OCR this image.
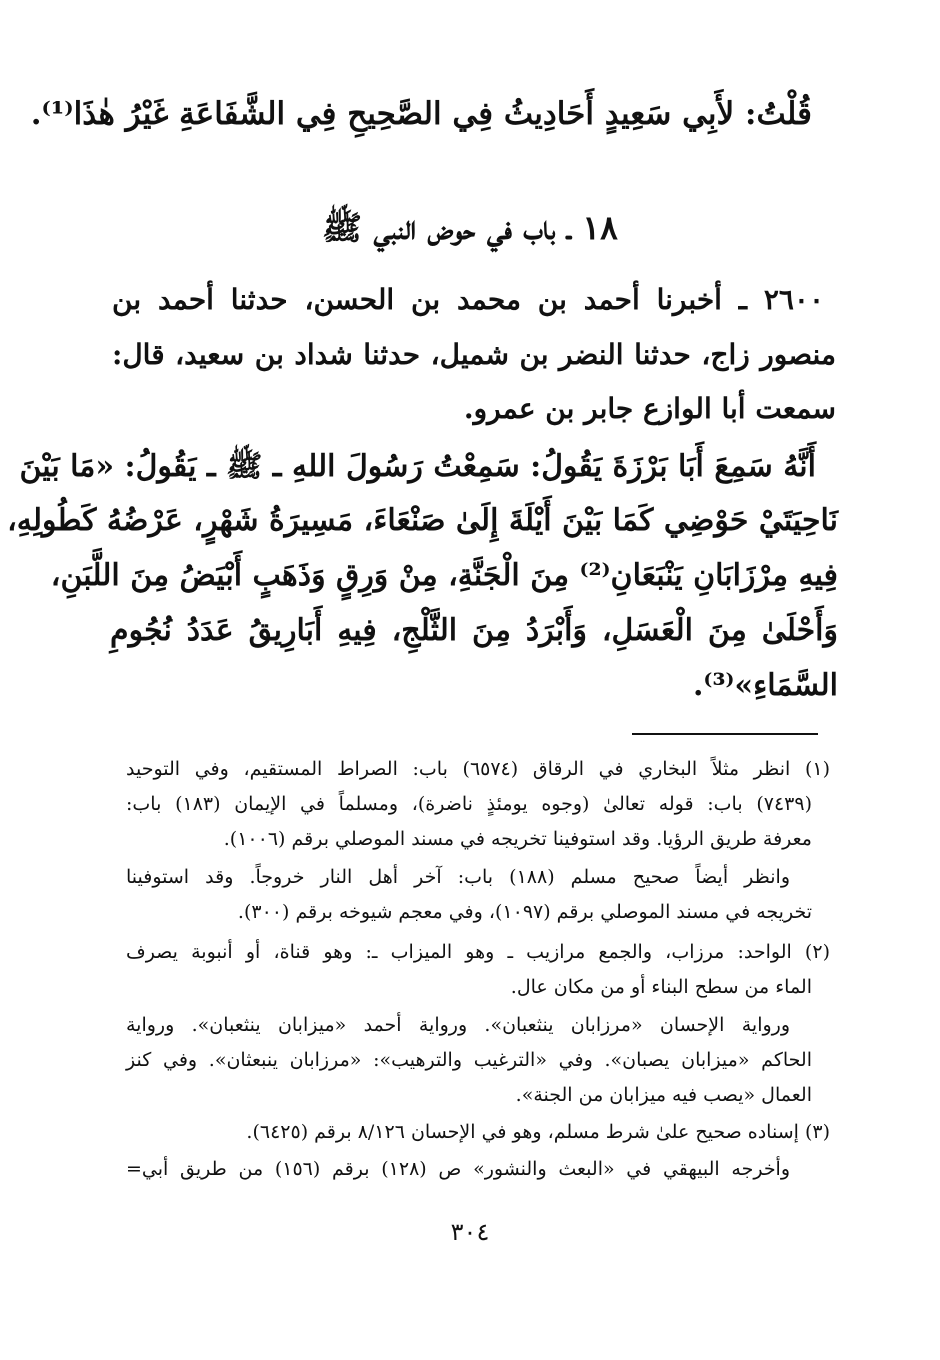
قُلْتُ: لأَبِي سَعِيدٍ أَحَادِيثُ فِي الصَّحِيحِ فِي الشَّفَاعَةِ غَيْرُ هٰذَا⁽¹⁾.
١٨ ـ باب في حوض النبي ﷺ
٢٦٠٠ ـ أخبرنا أحمد بن محمد بن الحسن، حدثنا أحمد بن
منصور زاج، حدثنا النضر بن شميل، حدثنا شداد بن سعيد، قال:
سمعت أبا الوازع جابر بن عمرو.
أَنَّهُ سَمِعَ أَبَا بَرْزَةَ يَقُولُ: سَمِعْتُ رَسُولَ اللهِ ـ ﷺ ـ يَقُولُ: «مَا بَيْنَ
نَاحِيَتَيْ حَوْضِي كَمَا بَيْنَ أَيْلَةَ إِلَىٰ صَنْعَاءَ، مَسِيرَةُ شَهْرٍ، عَرْضُهُ كَطُولِهِ،
فِيهِ مِرْزَابَانِ يَنْبَعَانِ⁽²⁾ مِنَ الْجَنَّةِ، مِنْ وَرِقٍ وَذَهَبٍ أَبْيَضُ مِنَ اللَّبَنِ،
وَأَحْلَىٰ مِنَ الْعَسَلِ، وَأَبْرَدُ مِنَ الثَّلْجِ، فِيهِ أَبَارِيقُ عَدَدُ نُجُومِ
السَّمَاءِ»⁽³⁾.
(١) انظر مثلاً البخاري في الرقاق (٦٥٧٤) باب: الصراط المستقيم، وفي التوحيد
(٧٤٣٩) باب: قوله تعالىٰ (وجوه يومئذٍ ناضرة)، ومسلماً في الإيمان (١٨٣) باب:
معرفة طريق الرؤيا. وقد استوفينا تخريجه في مسند الموصلي برقم (١٠٠٦).
وانظر أيضاً صحيح مسلم (١٨٨) باب: آخر أهل النار خروجاً. وقد استوفينا
تخريجه في مسند الموصلي برقم (١٠٩٧)، وفي معجم شيوخه برقم (٣٠٠).
(٢) الواحد: مرزاب، والجمع مرازيب ـ وهو الميزاب ـ: وهو قناة، أو أنبوبة يصرف
الماء من سطح البناء أو من مكان عال.
ورواية الإحسان «مرزابان ينثعبان». ورواية أحمد «ميزابان ينثعبان». ورواية
الحاكم «ميزابان يصبان». وفي «الترغيب والترهيب»: «مرزابان ينبعثان». وفي كنز
العمال «يصب فيه ميزابان من الجنة».
(٣) إسناده صحيح علىٰ شرط مسلم، وهو في الإحسان ٨/١٢٦ برقم (٦٤٢٥).
وأخرجه البيهقي في «البعث والنشور» ص (١٢٨) برقم (١٥٦) من طريق أبي=
٣٠٤
